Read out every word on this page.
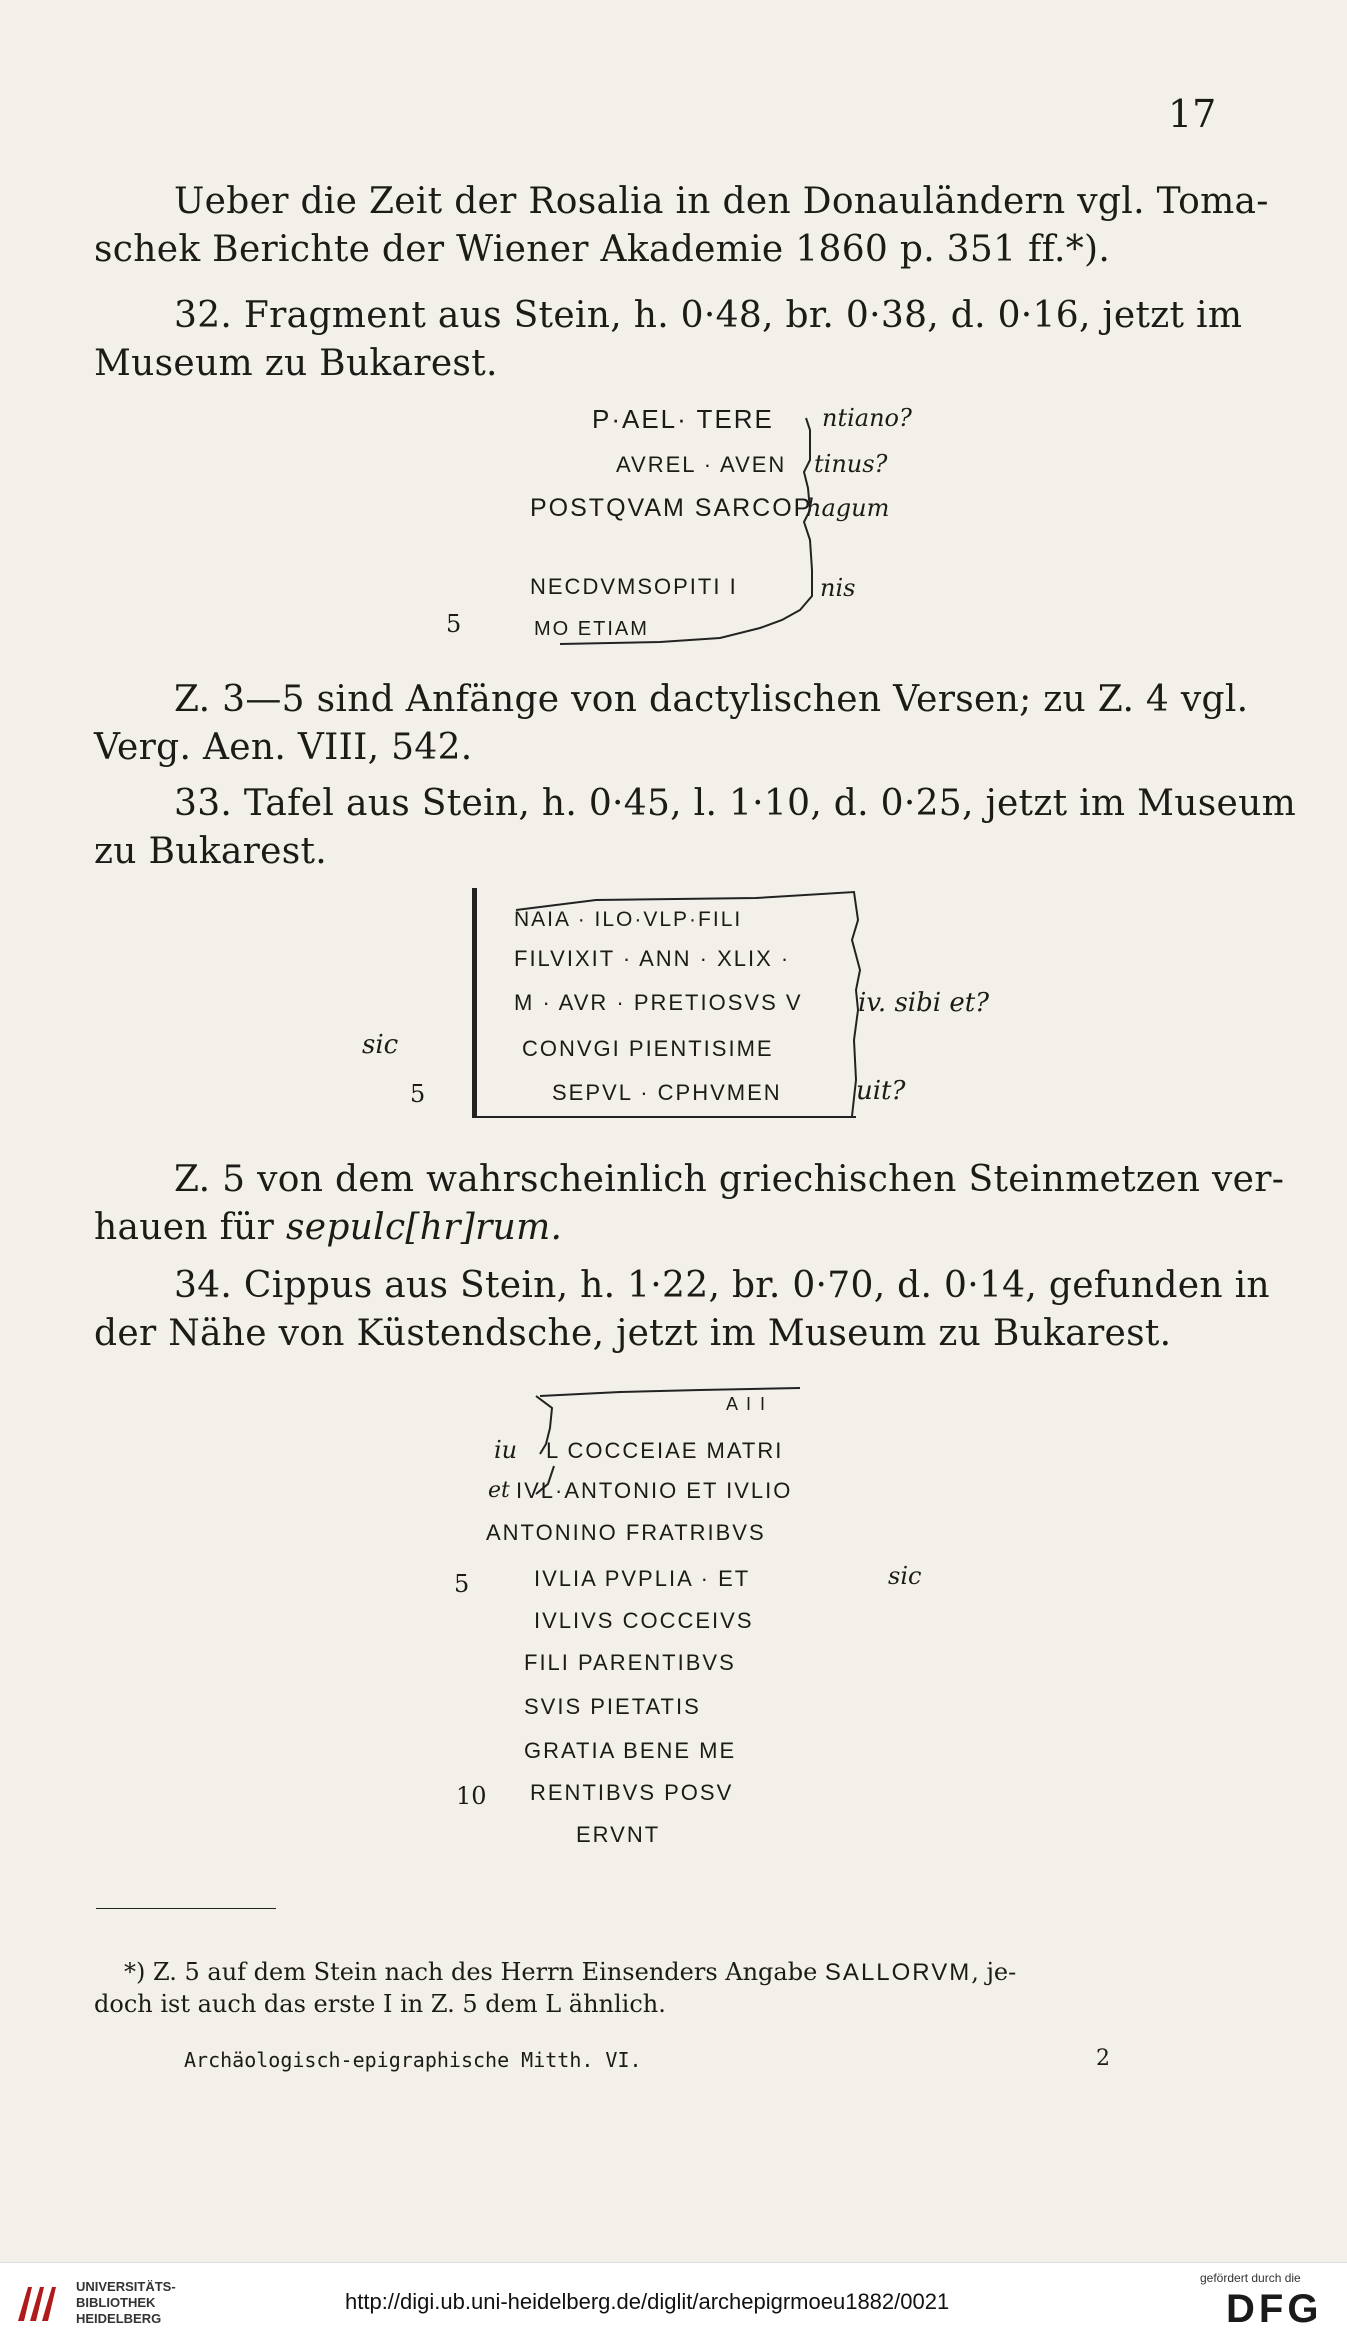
17
Ueber die Zeit der Rosalia in den Donauländern vgl. Toma-
schek Berichte der Wiener Akademie 1860 p. 351 ff.*).
32. Fragment aus Stein, h. 0·48, br. 0·38, d. 0·16, jetzt im
Museum zu Bukarest.
P·AEL· TERE ntiano?
AVREL · AVEN tinus?
POSTQVAM SARCOP
hagum
NECDVMSOPITI I	nis
5	MO ETIAM
Z. 3—5 sind Anfänge von dactylischen Versen; zu Z. 4 vgl.
Verg. Aen. VIII, 542.
33. Tafel aus Stein, h. 0·45, l. 1·10, d. 0·25, jetzt im Museum
zu Bukarest.
NAIA · ILO·VLP·FILI
FILVIXIT · ANN · XLIX ·
M · AVR · PRETIOSVS V iv. sibi et?
sic	CONVGI PIENTISIME
5	SEPVL · CPHVMEN	uit?
Z. 5 von dem wahrscheinlich griechischen Steinmetzen ver-
hauen für sepulc[hr]rum.
34. Cippus aus Stein, h. 1·22, br. 0·70, d. 0·14, gefunden in
der Nähe von Küstendsche, jetzt im Museum zu Bukarest.
A I I
iu L COCCEIAE MATRI
et IVL·ANTONIO ET IVLIO
ANTONINO FRATRIBVS
5	IVLIA PVPLIA · ET	sic
IVLIVS COCCEIVS
FILI PARENTIBVS
SVIS PIETATIS
GRATIA BENE ME
10 RENTIBVS POSV
ERVNT
*) Z. 5 auf dem Stein nach des Herrn Einsenders Angabe SALLORVM, je-
doch ist auch das erste I in Z. 5 dem L ähnlich.
Archäologisch-epigraphische Mitth. VI.	2
UNIVERSITÄTS-
BIBLIOTHEK
HEIDELBERG
http://digi.ub.uni-heidelberg.de/diglit/archepigrmoeu1882/0021
gefördert durch die
DFG
